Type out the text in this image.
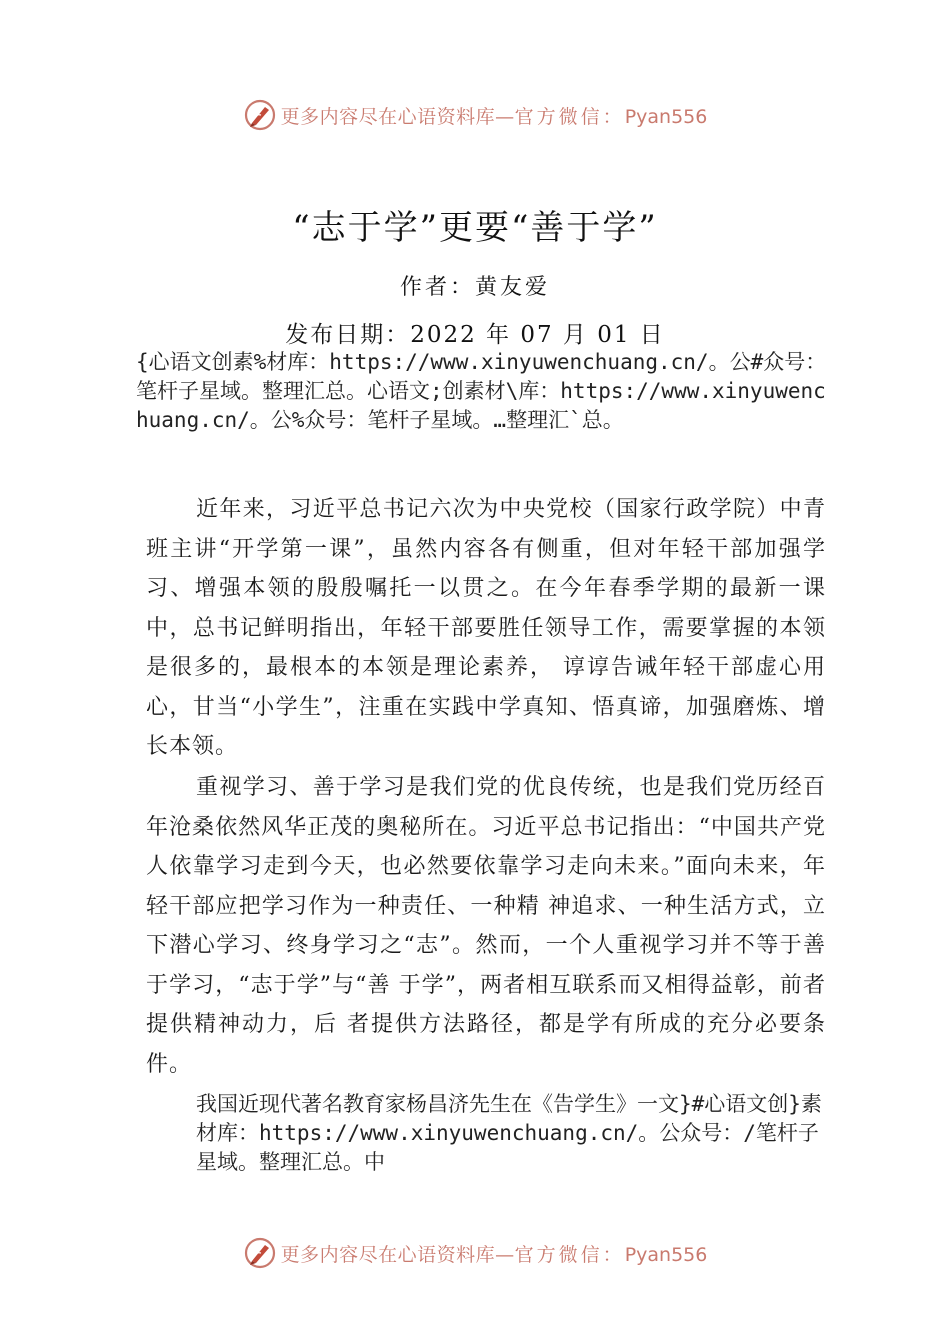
更多内容尽在心语资料库—官方微信：Pyan556
“志于学”更要“善于学”
作者：黄友爱
发布日期：2022 年 07 月 01 日
{心语文创素%材库：https://www.xinyuwenchuang.cn/。公#众号：笔杆子星域。整理汇总。心语文;创素材\库：https://www.xinyuwenchuang.cn/。公%众号：笔杆子星域。…整理汇`总。

近年来，习近平总书记六次为中央党校（国家行政学院）中青班主讲“开学第一课”，虽然内容各有侧重，但对年轻干部加强学习、增强本领的殷殷嘱托一以贯之。在今年春季学期的最新一课中，总书记鲜明指出，年轻干部要胜任领导工作，需要掌握的本领是很多的，最根本的本领是理论素养， 谆谆告诫年轻干部虚心用心，甘当“小学生”，注重在实践中学真知、悟真谛，加强磨炼、增长本领。

重视学习、善于学习是我们党的优良传统，也是我们党历经百年沧桑依然风华正茂的奥秘所在。习近平总书记指出：“中国共产党人依靠学习走到今天，也必然要依靠学习走向未来。”面向未来，年轻干部应把学习作为一种责任、一种精 神追求、一种生活方式，立下潜心学习、终身学习之“志”。然而，一个人重视学习并不等于善于学习，“志于学”与“善 于学”，两者相互联系而又相得益彰，前者提供精神动力，后 者提供方法路径，都是学有所成的充分必要条件。

我国近现代著名教育家杨昌济先生在《告学生》一文}#心语文创}素材库：https://www.xinyuwenchuang.cn/。公众号：/笔杆子星域。整理汇总。中
更多内容尽在心语资料库—官方微信：Pyan556
